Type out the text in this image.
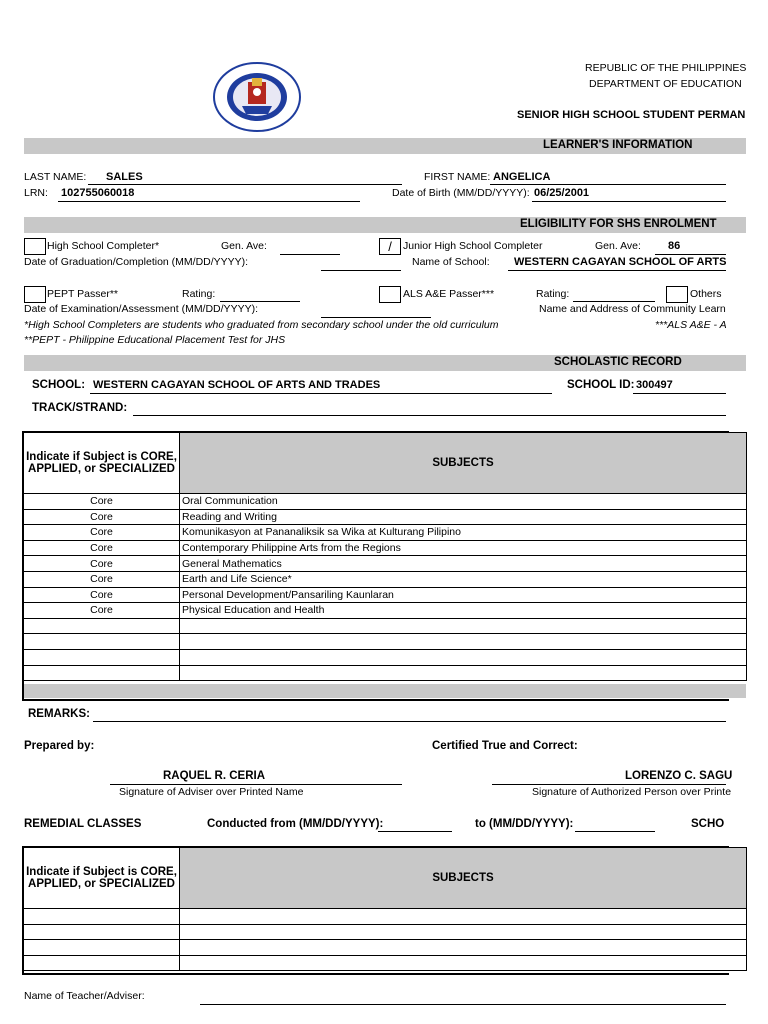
REPUBLIC OF THE PHILIPPINES
DEPARTMENT OF EDUCATION
SENIOR HIGH SCHOOL STUDENT PERMAN
LEARNER'S INFORMATION
LAST NAME: SALES	FIRST NAME: ANGELICA
LRN: 102755060018	Date of Birth (MM/DD/YYYY): 06/25/2001
ELIGIBILITY FOR SHS ENROLMENT
High School Completer*	Gen. Ave:	/	Junior High School Completer	Gen. Ave: 86
Date of Graduation/Completion (MM/DD/YYYY):	Name of School: WESTERN CAGAYAN SCHOOL OF ARTS
PEPT Passer**	Rating:	ALS A&E Passer***	Rating:	Others
Date of Examination/Assessment (MM/DD/YYYY):	Name and Address of Community Learn
*High School Completers are students who graduated from secondary school under the old curriculum	***ALS A&E - A
**PEPT - Philippine Educational Placement Test for JHS
SCHOLASTIC RECORD
SCHOOL: WESTERN CAGAYAN SCHOOL OF ARTS AND TRADES	SCHOOL ID: 300497
TRACK/STRAND:
Indicate if Subject is CORE, APPLIED, or SPECIALIZED	SUBJECTS
Core	Oral Communication
Core	Reading and Writing
Core	Komunikasyon at Pananaliksik sa Wika at Kulturang Pilipino
Core	Contemporary Philippine Arts from the Regions
Core	General Mathematics
Core	Earth and Life Science*
Core	Personal Development/Pansariling Kaunlaran
Core	Physical Education and Health

REMARKS:
Prepared by:	Certified True and Correct:
RAQUEL R. CERIA
Signature of Adviser over Printed Name
LORENZO C. SAGU
Signature of Authorized Person over Printe
REMEDIAL CLASSES	Conducted from (MM/DD/YYYY):	to (MM/DD/YYYY):	SCHO
Indicate if Subject is CORE, APPLIED, or SPECIALIZED	SUBJECTS

Name of Teacher/Adviser:
